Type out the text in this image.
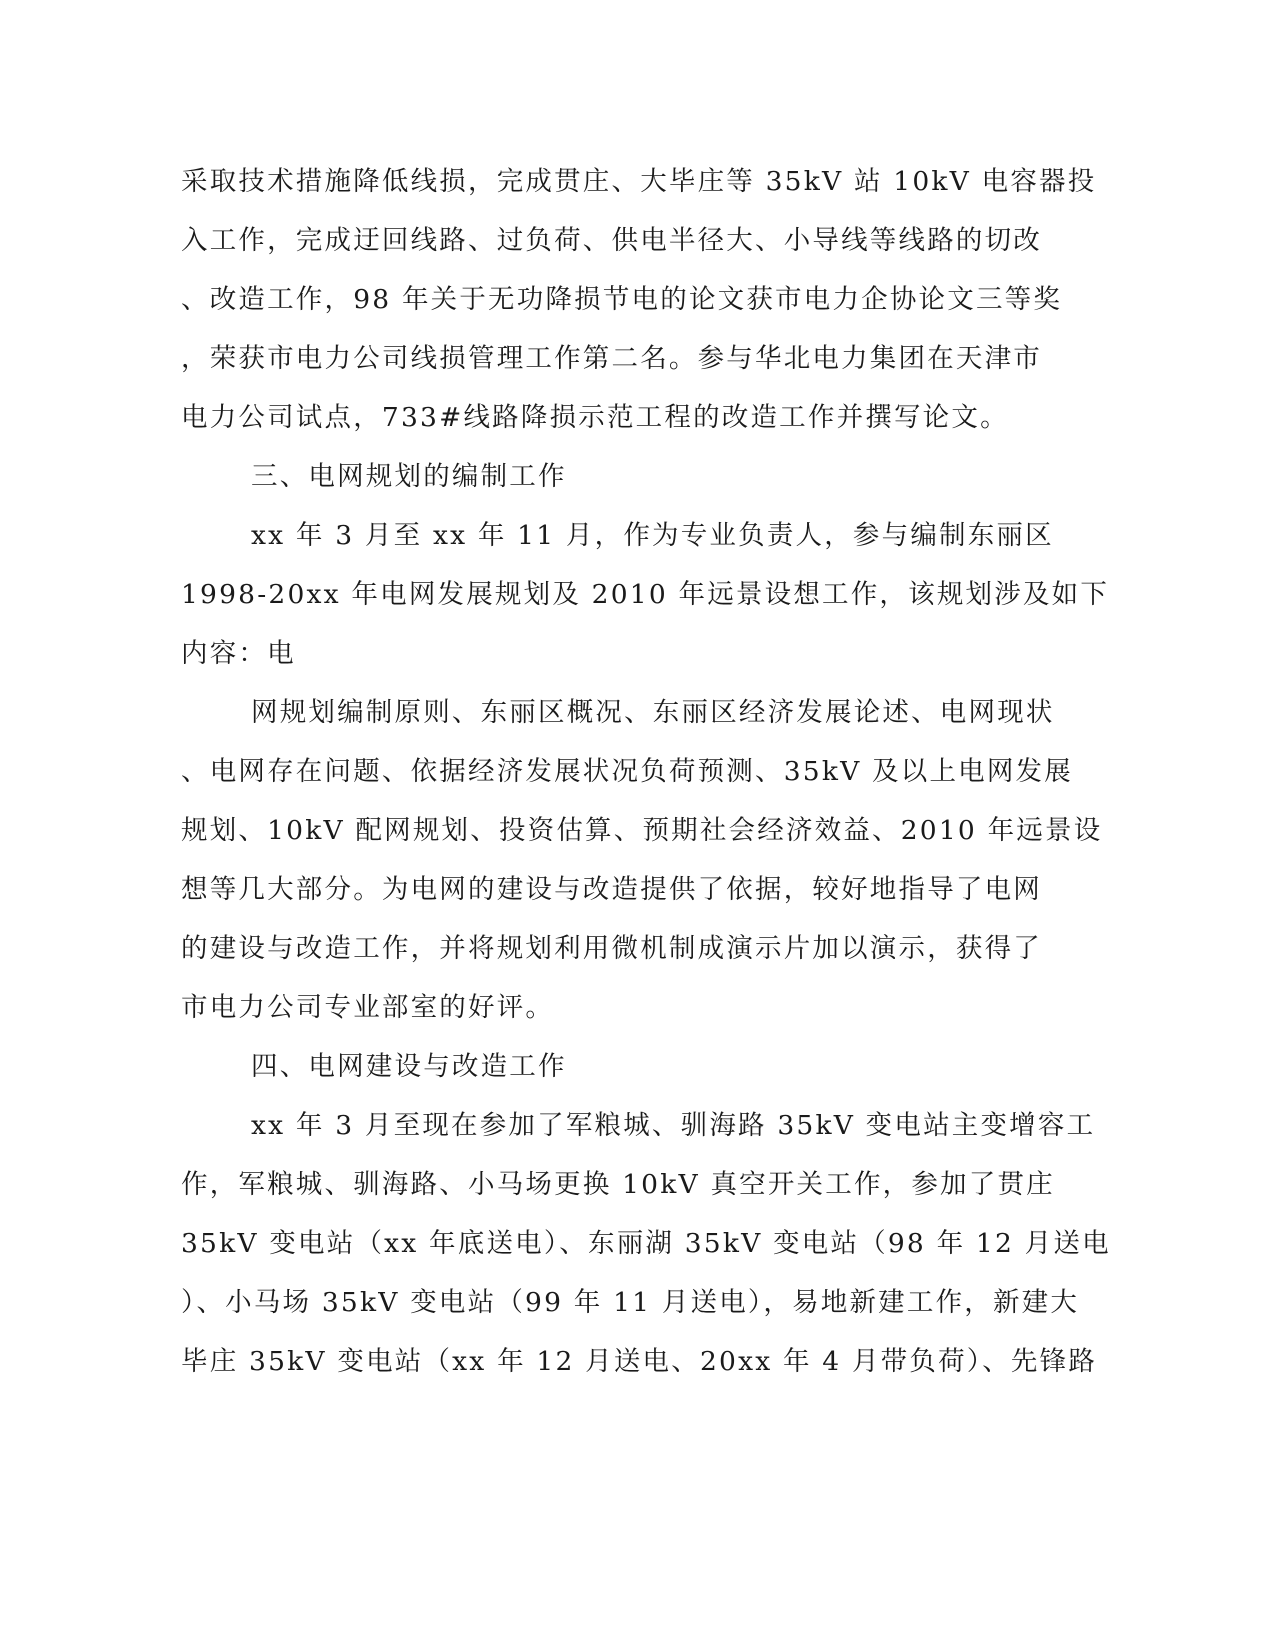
采取技术措施降低线损，完成贯庄、大毕庄等 35kV 站 10kV 电容器投
入工作，完成迂回线路、过负荷、供电半径大、小导线等线路的切改
、改造工作，98 年关于无功降损节电的论文获市电力企协论文三等奖
，荣获市电力公司线损管理工作第二名。参与华北电力集团在天津市
电力公司试点，733#线路降损示范工程的改造工作并撰写论文。
三、电网规划的编制工作
xx 年 3 月至 xx 年 11 月，作为专业负责人，参与编制东丽区
1998-20xx 年电网发展规划及 2010 年远景设想工作，该规划涉及如下
内容：电
网规划编制原则、东丽区概况、东丽区经济发展论述、电网现状
、电网存在问题、依据经济发展状况负荷预测、35kV 及以上电网发展
规划、10kV 配网规划、投资估算、预期社会经济效益、2010 年远景设
想等几大部分。为电网的建设与改造提供了依据，较好地指导了电网
的建设与改造工作，并将规划利用微机制成演示片加以演示，获得了
市电力公司专业部室的好评。
四、电网建设与改造工作
xx 年 3 月至现在参加了军粮城、驯海路 35kV 变电站主变增容工
作，军粮城、驯海路、小马场更换 10kV 真空开关工作，参加了贯庄
35kV 变电站（xx 年底送电）、东丽湖 35kV 变电站（98 年 12 月送电
）、小马场 35kV 变电站（99 年 11 月送电），易地新建工作，新建大
毕庄 35kV 变电站（xx 年 12 月送电、20xx 年 4 月带负荷）、先锋路
